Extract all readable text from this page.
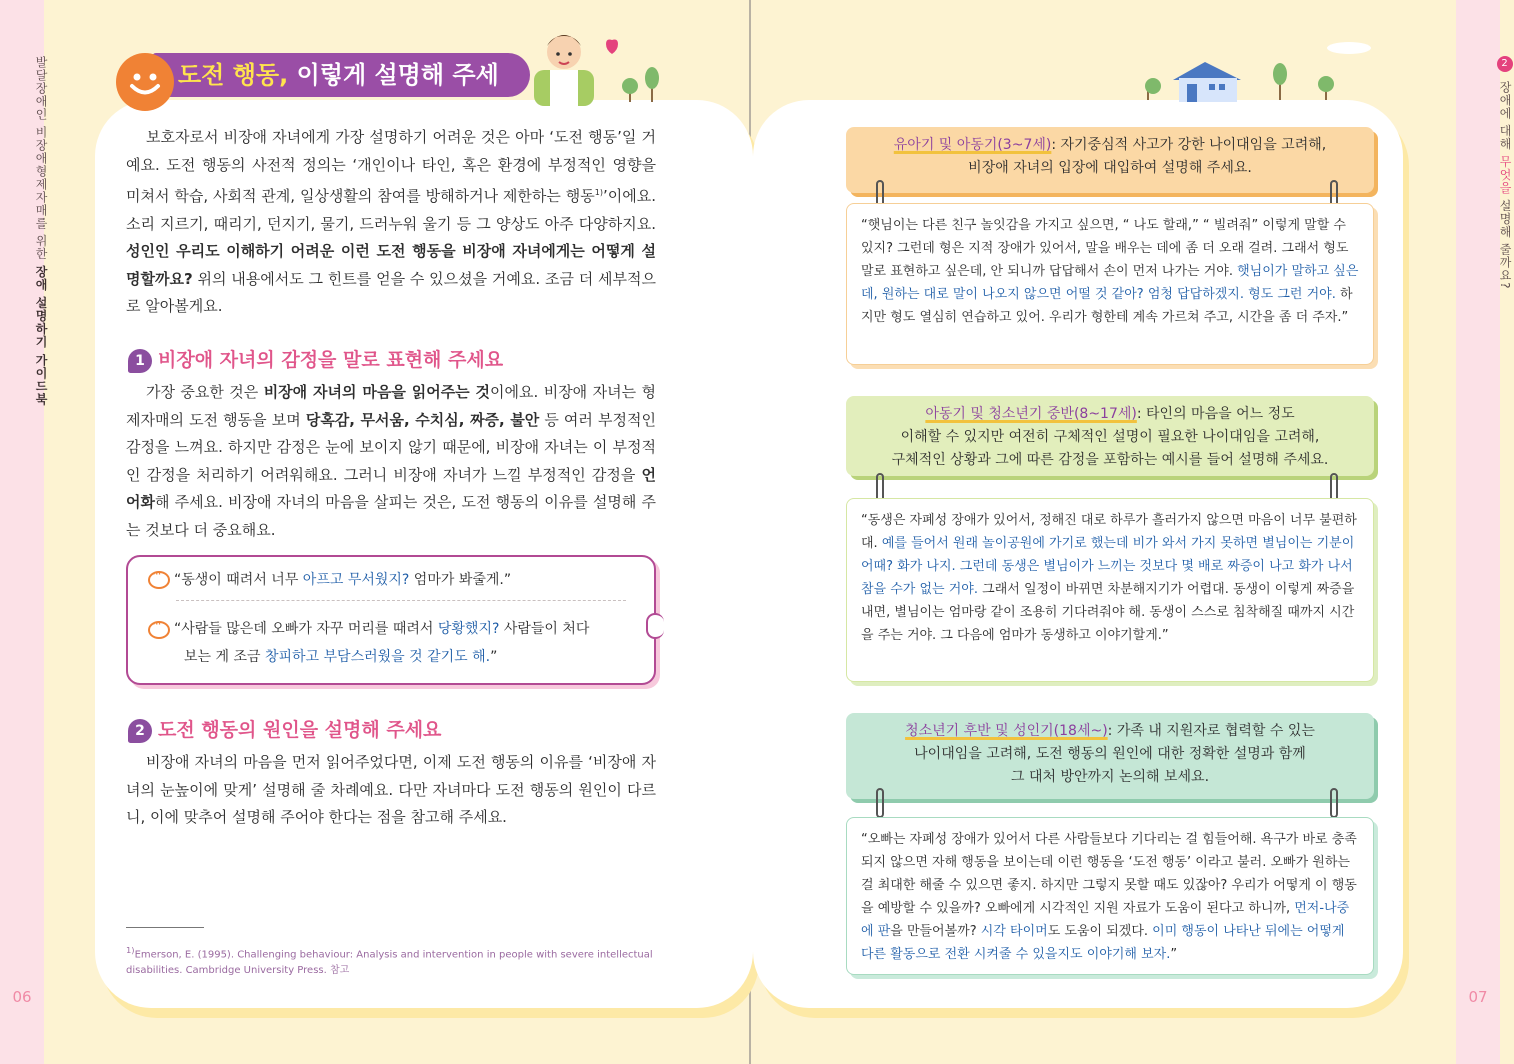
발달장애인 비장애형제자매를 위한 장애 설명하기 가이드북
06
2 장애에 대해 무엇을 설명해 줄까요?
07
도전 행동, 이렇게 설명해 주세요.

보호자로서 비장애 자녀에게 가장 설명하기 어려운 것은 아마 ‘도전 행동’일 거예요. 도전 행동의 사전적 정의는 ‘개인이나 타인, 혹은 환경에 부정적인 영향을 미쳐서 학습, 사회적 관계, 일상생활의 참여를 방해하거나 제한하는 행동$^{1)}$’이에요. 소리 지르기, 때리기, 던지기, 물기, 드러누워 울기 등 그 양상도 아주 다양하지요. 성인인 우리도 이해하기 어려운 이런 도전 행동을 비장애 자녀에게는 어떻게 설명할까요? 위의 내용에서도 그 힌트를 얻을 수 있으셨을 거예요. 조금 더 세부적으로 알아볼게요.

1 비장애 자녀의 감정을 말로 표현해 주세요

가장 중요한 것은 비장애 자녀의 마음을 읽어주는 것이에요. 비장애 자녀는 형제자매의 도전 행동을 보며 당혹감, 무서움, 수치심, 짜증, 불안 등 여러 부정적인 감정을 느껴요. 하지만 감정은 눈에 보이지 않기 때문에, 비장애 자녀는 이 부정적인 감정을 처리하기 어려워해요. 그러니 비장애 자녀가 느낄 부정적인 감정을 언어화해 주세요. 비장애 자녀의 마음을 살피는 것은, 도전 행동의 이유를 설명해 주는 것보다 더 중요해요.

···
“동생이 때려서 너무 아프고 무서웠지? 엄마가 봐줄게.”
···
“사람들 많은데 오빠가 자꾸 머리를 때려서 당황했지? 사람들이 처다
보는 게 조금 창피하고 부담스러웠을 것 같기도 해.”
2 도전 행동의 원인을 설명해 주세요

비장애 자녀의 마음을 먼저 읽어주었다면, 이제 도전 행동의 이유를 ‘비장애 자녀의 눈높이에 맞게’ 설명해 줄 차례예요. 다만 자녀마다 도전 행동의 원인이 다르니, 이에 맞추어 설명해 주어야 한다는 점을 참고해 주세요.

$^{1)}$Emerson, E. (1995). Challenging behaviour: Analysis and intervention in people with severe intellectual disabilities. Cambridge University Press. 참고
유아기 및 아동기(3~7세): 자기중심적 사고가 강한 나이대임을 고려해,
비장애 자녀의 입장에 대입하여 설명해 주세요.
“햇님이는 다른 친구 놀잇감을 가지고 싶으면, “ 나도 할래,” “ 빌려줘” 이렇게 말할 수 있지? 그런데 형은 지적 장애가 있어서, 말을 배우는 데에 좀 더 오래 걸려. 그래서 형도 말로 표현하고 싶은데, 안 되니까 답답해서 손이 먼저 나가는 거야. 햇님이가 말하고 싶은데, 원하는 대로 말이 나오지 않으면 어떨 것 같아? 엄청 답답하겠지. 형도 그런 거야. 하지만 형도 열심히 연습하고 있어. 우리가 형한테 계속 가르쳐 주고, 시간을 좀 더 주자.”
아동기 및 청소년기 중반(8~17세): 타인의 마음을 어느 정도
이해할 수 있지만 여전히 구체적인 설명이 필요한 나이대임을 고려해,
구체적인 상황과 그에 따른 감정을 포함하는 예시를 들어 설명해 주세요.
“동생은 자폐성 장애가 있어서, 정해진 대로 하루가 흘러가지 않으면 마음이 너무 불편하대. 예를 들어서 원래 놀이공원에 가기로 했는데 비가 와서 가지 못하면 별님이는 기분이 어때? 화가 나지. 그런데 동생은 별님이가 느끼는 것보다 몇 배로 짜증이 나고 화가 나서 참을 수가 없는 거야. 그래서 일정이 바뀌면 차분해지기가 어렵대. 동생이 이렇게 짜증을 내면, 별님이는 엄마랑 같이 조용히 기다려줘야 해. 동생이 스스로 침착해질 때까지 시간을 주는 거야. 그 다음에 엄마가 동생하고 이야기할게.”
청소년기 후반 및 성인기(18세~): 가족 내 지원자로 협력할 수 있는
나이대임을 고려해, 도전 행동의 원인에 대한 정확한 설명과 함께
그 대처 방안까지 논의해 보세요.
“오빠는 자폐성 장애가 있어서 다른 사람들보다 기다리는 걸 힘들어해. 욕구가 바로 충족되지 않으면 자해 행동을 보이는데 이런 행동을 ‘도전 행동’ 이라고 불러. 오빠가 원하는 걸 최대한 해줄 수 있으면 좋지. 하지만 그렇지 못할 때도 있잖아? 우리가 어떻게 이 행동을 예방할 수 있을까? 오빠에게 시각적인 지원 자료가 도움이 된다고 하니까, 먼저-나중에 판을 만들어볼까? 시각 타이머도 도움이 되겠다. 이미 행동이 나타난 뒤에는 어떻게 다른 활동으로 전환 시켜줄 수 있을지도 이야기해 보자.”
